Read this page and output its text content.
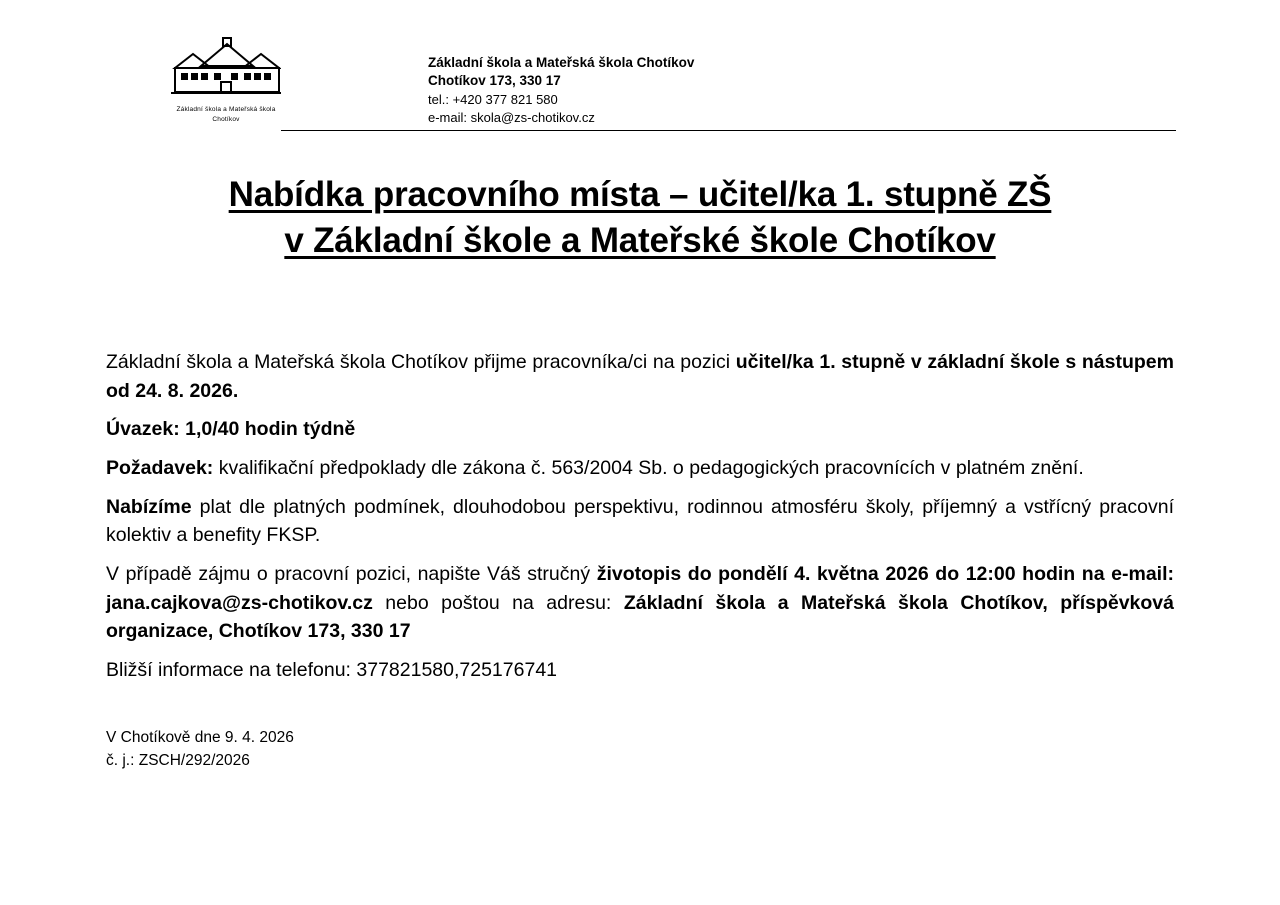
Základní škola a Mateřská škola
Chotíkov
Základní škola a Mateřská škola Chotíkov
Chotíkov 173, 330 17
tel.: +420 377 821 580
e-mail: skola@zs-chotikov.cz
Nabídka pracovního místa – učitel/ka 1. stupně ZŠ
v Základní škole a Mateřské škole Chotíkov

Základní škola a Mateřská škola Chotíkov přijme pracovníka/ci na pozici učitel/ka 1. stupně v základní škole s nástupem od 24. 8. 2026.

Úvazek: 1,0/40 hodin týdně

Požadavek: kvalifikační předpoklady dle zákona č. 563/2004 Sb. o pedagogických pracovnících v platném znění.

Nabízíme plat dle platných podmínek, dlouhodobou perspektivu, rodinnou atmosféru školy, příjemný a vstřícný pracovní kolektiv a benefity FKSP.

V případě zájmu o pracovní pozici, napište Váš stručný životopis do pondělí 4. května 2026 do 12:00 hodin na e-mail: jana.cajkova@zs-chotikov.cz nebo poštou na adresu: Základní škola a Mateřská škola Chotíkov, příspěvková organizace, Chotíkov 173, 330 17

Bližší informace na telefonu: 377821580,725176741

V Chotíkově dne 9. 4. 2026
č. j.: ZSCH/292/2026
